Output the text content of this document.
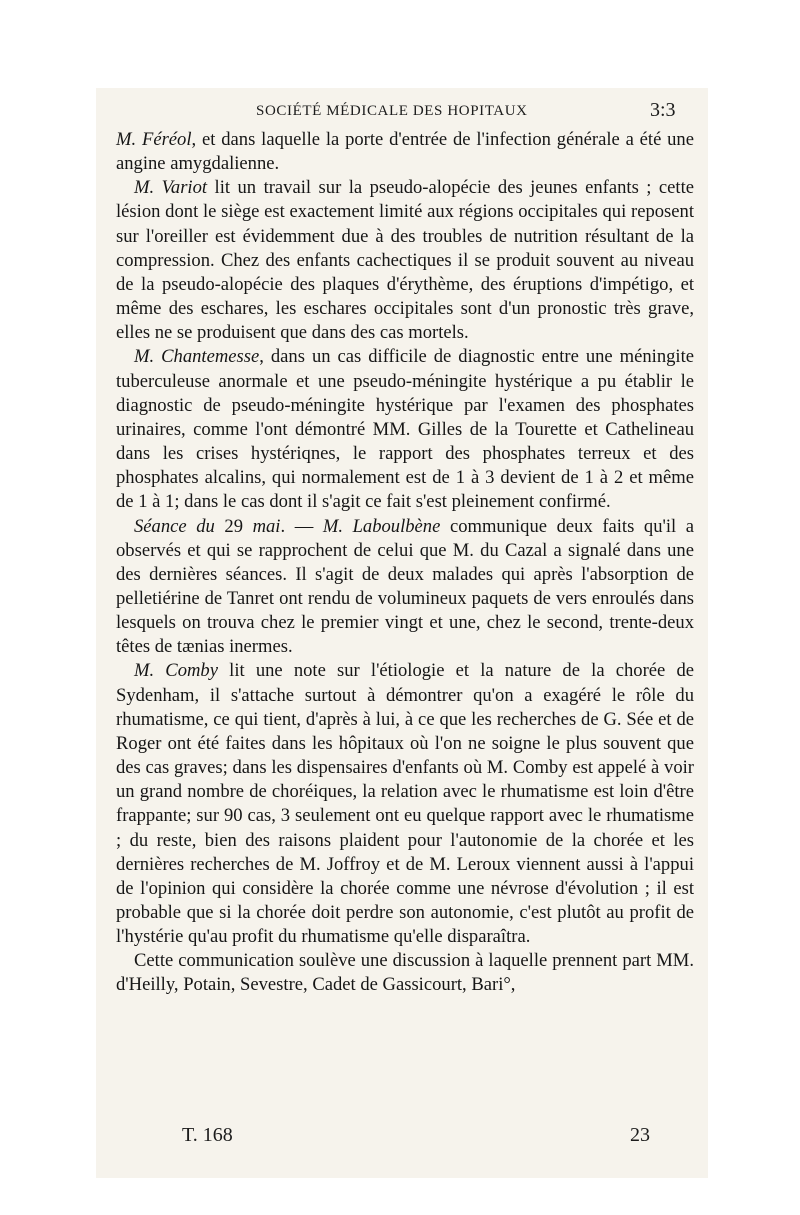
SOCIÉTÉ MÉDICALE DES HOPITAUX	3:3

M. Féréol, et dans laquelle la porte d'entrée de l'infection générale a été une angine amygdalienne.

M. Variot lit un travail sur la pseudo-alopécie des jeunes enfants ; cette lésion dont le siège est exactement limité aux régions occipitales qui reposent sur l'oreiller est évidemment due à des troubles de nutrition résultant de la compression. Chez des enfants cachectiques il se produit souvent au niveau de la pseudo-alopécie des plaques d'érythème, des éruptions d'impétigo, et même des eschares, les eschares occipitales sont d'un pronostic très grave, elles ne se produisent que dans des cas mortels.

M. Chantemesse, dans un cas difficile de diagnostic entre une méningite tuberculeuse anormale et une pseudo-méningite hystérique a pu établir le diagnostic de pseudo-méningite hystérique par l'examen des phosphates urinaires, comme l'ont démontré MM. Gilles de la Tourette et Cathelineau dans les crises hystériqnes, le rapport des phosphates terreux et des phosphates alcalins, qui normalement est de 1 à 3 devient de 1 à 2 et même de 1 à 1; dans le cas dont il s'agit ce fait s'est pleinement confirmé.

Séance du 29 mai. — M. Laboulbène communique deux faits qu'il a observés et qui se rapprochent de celui que M. du Cazal a signalé dans une des dernières séances. Il s'agit de deux malades qui après l'absorption de pelletiérine de Tanret ont rendu de volumineux paquets de vers enroulés dans lesquels on trouva chez le premier vingt et une, chez le second, trente-deux têtes de tænias inermes.

M. Comby lit une note sur l'étiologie et la nature de la chorée de Sydenham, il s'attache surtout à démontrer qu'on a exagéré le rôle du rhumatisme, ce qui tient, d'après à lui, à ce que les recherches de G. Sée et de Roger ont été faites dans les hôpitaux où l'on ne soigne le plus souvent que des cas graves; dans les dispensaires d'enfants où M. Comby est appelé à voir un grand nombre de choréiques, la relation avec le rhumatisme est loin d'être frappante; sur 90 cas, 3 seulement ont eu quelque rapport avec le rhumatisme ; du reste, bien des raisons plaident pour l'autonomie de la chorée et les dernières recherches de M. Joffroy et de M. Leroux viennent aussi à l'appui de l'opinion qui considère la chorée comme une névrose d'évolution ; il est probable que si la chorée doit perdre son autonomie, c'est plutôt au profit de l'hystérie qu'au profit du rhumatisme qu'elle disparaîtra.

Cette communication soulève une discussion à laquelle prennent part MM. d'Heilly, Potain, Sevestre, Cadet de Gassicourt, Bari°,

T. 168	23
